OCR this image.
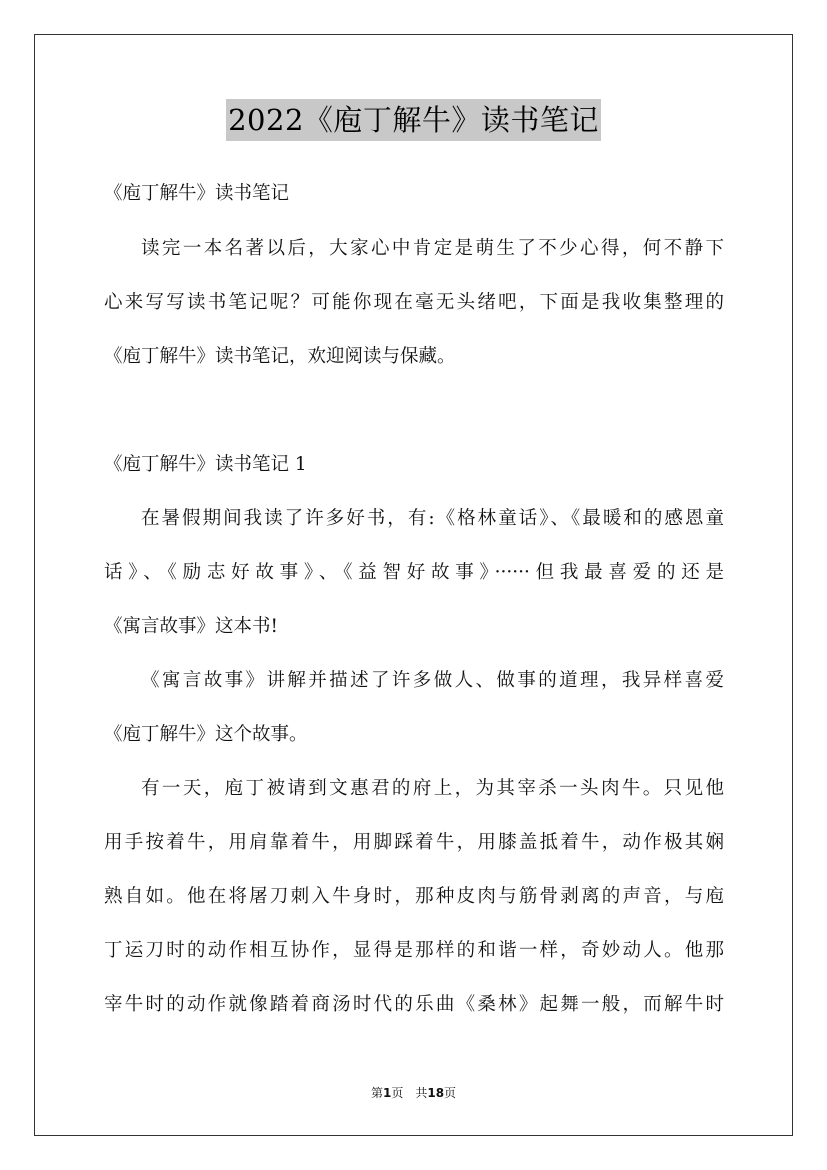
2022《庖丁解牛》读书笔记
《庖丁解牛》读书笔记
读完一本名著以后，大家心中肯定是萌生了不少心得，何不静下
心来写写读书笔记呢？可能你现在毫无头绪吧，下面是我收集整理的
《庖丁解牛》读书笔记，欢迎阅读与保藏。
《庖丁解牛》读书笔记 1
在暑假期间我读了许多好书，有:《格林童话》、《最暖和的感恩童
话》、《励志好故事》、《益智好故事》······但我最喜爱的还是
《寓言故事》这本书!
《寓言故事》讲解并描述了许多做人、做事的道理，我异样喜爱
《庖丁解牛》这个故事。
有一天，庖丁被请到文惠君的府上，为其宰杀一头肉牛。只见他
用手按着牛，用肩靠着牛，用脚踩着牛，用膝盖抵着牛，动作极其娴
熟自如。他在将屠刀刺入牛身时，那种皮肉与筋骨剥离的声音，与庖
丁运刀时的动作相互协作，显得是那样的和谐一样，奇妙动人。他那
宰牛时的动作就像踏着商汤时代的乐曲《桑林》起舞一般，而解牛时
第1页 共18页
